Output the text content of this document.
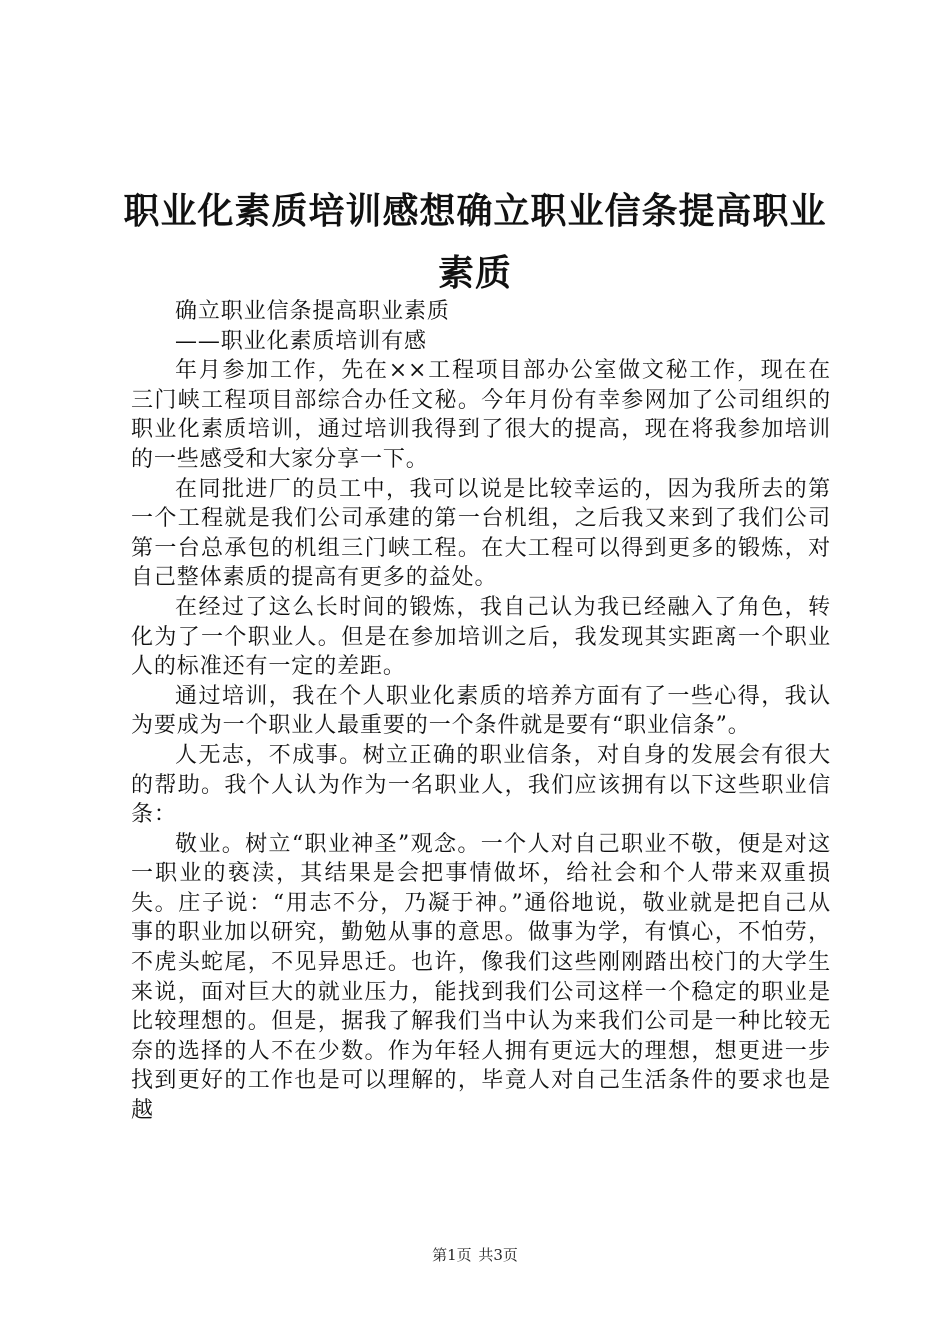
职业化素质培训感想确立职业信条提高职业素质

确立职业信条提高职业素质

——职业化素质培训有感

年月参加工作，先在××工程项目部办公室做文秘工作，现在在三门峡工程项目部综合办任文秘。今年月份有幸参网加了公司组织的职业化素质培训，通过培训我得到了很大的提高，现在将我参加培训的一些感受和大家分享一下。

在同批进厂的员工中，我可以说是比较幸运的，因为我所去的第一个工程就是我们公司承建的第一台机组，之后我又来到了我们公司第一台总承包的机组三门峡工程。在大工程可以得到更多的锻炼，对自己整体素质的提高有更多的益处。

在经过了这么长时间的锻炼，我自己认为我已经融入了角色，转化为了一个职业人。但是在参加培训之后，我发现其实距离一个职业人的标准还有一定的差距。

通过培训，我在个人职业化素质的培养方面有了一些心得，我认为要成为一个职业人最重要的一个条件就是要有“职业信条”。

人无志，不成事。树立正确的职业信条，对自身的发展会有很大的帮助。我个人认为作为一名职业人，我们应该拥有以下这些职业信条：

敬业。树立“职业神圣”观念。一个人对自己职业不敬，便是对这一职业的亵渎，其结果是会把事情做坏，给社会和个人带来双重损失。庄子说：“用志不分，乃凝于神。”通俗地说，敬业就是把自己从事的职业加以研究，勤勉从事的意思。做事为学，有慎心，不怕劳，不虎头蛇尾，不见异思迁。也许，像我们这些刚刚踏出校门的大学生来说，面对巨大的就业压力，能找到我们公司这样一个稳定的职业是比较理想的。但是，据我了解我们当中认为来我们公司是一种比较无奈的选择的人不在少数。作为年轻人拥有更远大的理想，想更进一步找到更好的工作也是可以理解的，毕竟人对自己生活条件的要求也是越

第1页 共3页
